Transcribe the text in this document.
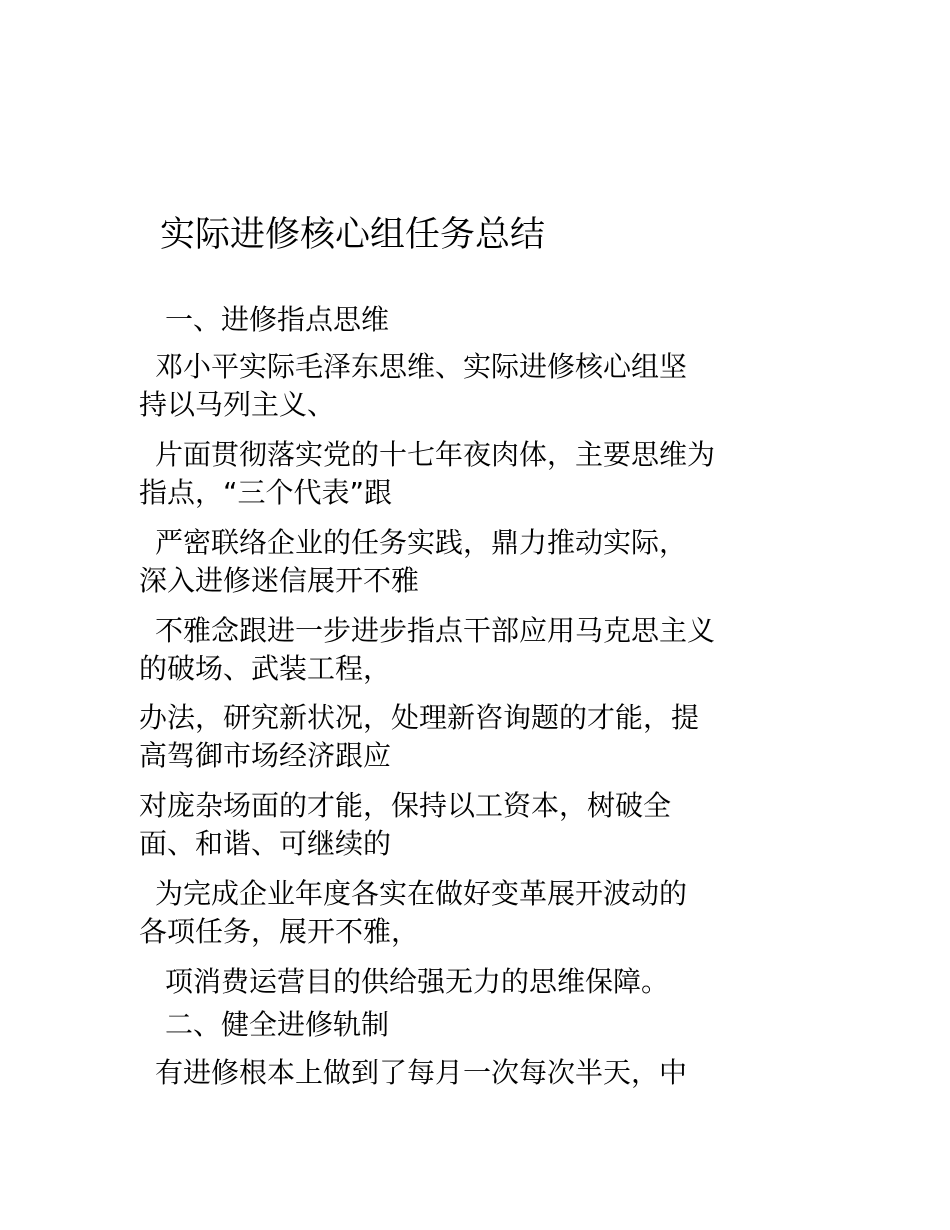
实际进修核心组任务总结
一、进修指点思维
邓小平实际毛泽东思维、实际进修核心组坚
持以马列主义、
片面贯彻落实党的十七年夜肉体，主要思维为
指点，“三个代表”跟
严密联络企业的任务实践，鼎力推动实际，
深入进修迷信展开不雅
不雅念跟进一步进步指点干部应用马克思主义
的破场、武装工程，
办法，研究新状况，处理新咨询题的才能，提
高驾御市场经济跟应
对庞杂场面的才能，保持以工资本，树破全
面、和谐、可继续的
为完成企业年度各实在做好变革展开波动的
各项任务，展开不雅，
项消费运营目的供给强无力的思维保障。
二、健全进修轨制
有进修根本上做到了每月一次每次半天，中
